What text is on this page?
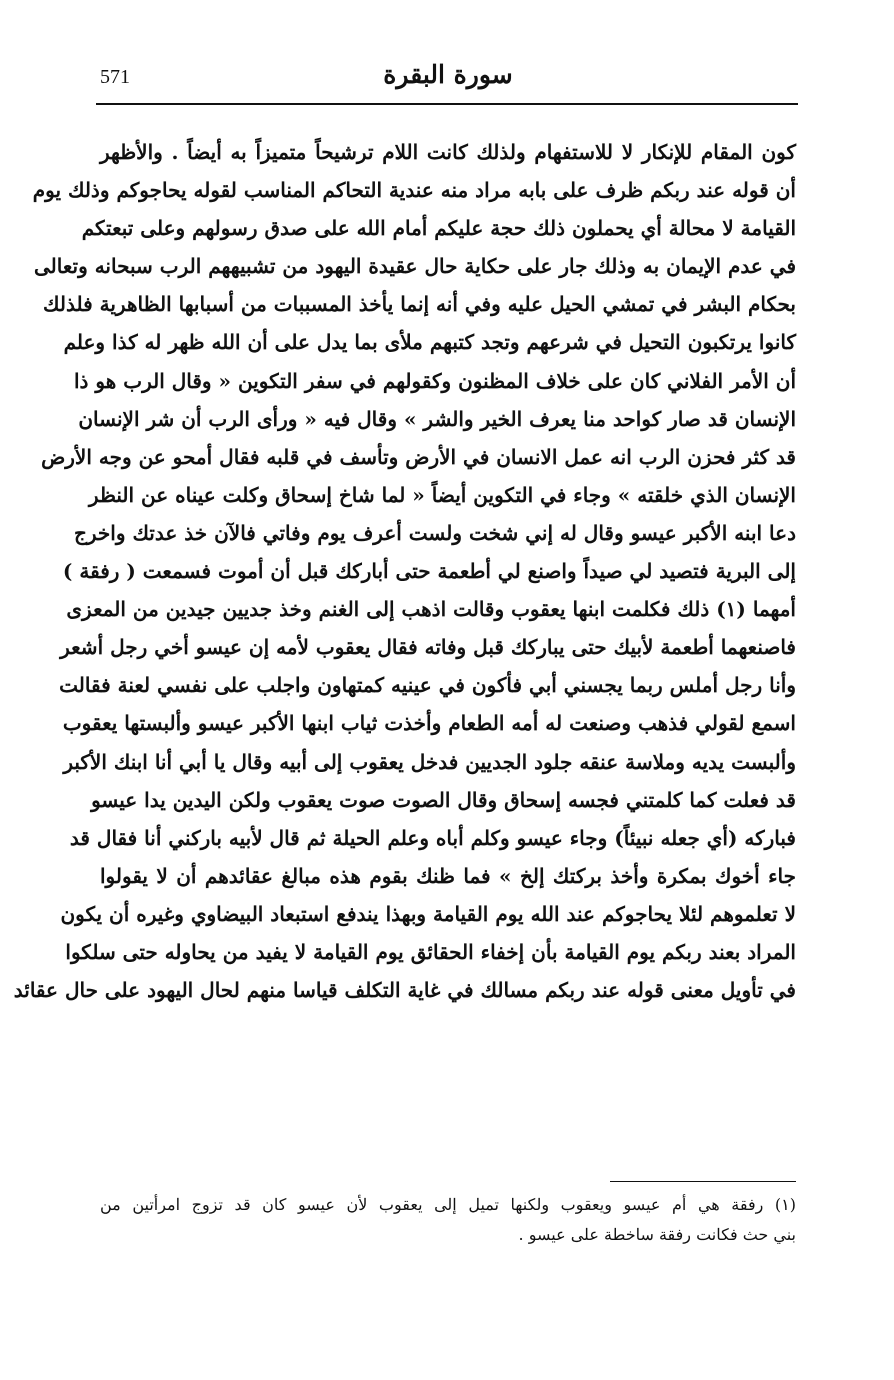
571	سورة البقرة
كون المقام للإنكار لا للاستفهام ولذلك كانت اللام ترشيحاً متميزاً به أيضاً . والأظهر
أن قوله عند ربكم ظرف على بابه مراد منه عندية التحاكم المناسب لقوله يحاجوكم وذلك يوم
القيامة لا محالة أي يحملون ذلك حجة عليكم أمام الله على صدق رسولهم وعلى تبعتكم
في عدم الإيمان به وذلك جار على حكاية حال عقيدة اليهود من تشبيههم الرب سبحانه وتعالى
بحكام البشر في تمشي الحيل عليه وفي أنه إنما يأخذ المسببات من أسبابها الظاهرية فلذلك
كانوا يرتكبون التحيل في شرعهم وتجد كتبهم ملأى بما يدل على أن الله ظهر له كذا وعلم
أن الأمر الفلاني كان على خلاف المظنون وكقولهم في سفر التكوين « وقال الرب هو ذا
الإنسان قد صار كواحد منا يعرف الخير والشر » وقال فيه « ورأى الرب أن شر الإنسان
قد كثر فحزن الرب انه عمل الانسان في الأرض وتأسف في قلبه فقال أمحو عن وجه الأرض
الإنسان الذي خلقته » وجاء في التكوين أيضاً « لما شاخ إسحاق وكلت عيناه عن النظر
دعا ابنه الأكبر عيسو وقال له إني شخت ولست أعرف يوم وفاتي فالآن خذ عدتك واخرج
إلى البرية فتصيد لي صيداً واصنع لي أطعمة حتى أباركك قبل أن أموت فسمعت ( رفقة )
أمهما (١) ذلك فكلمت ابنها يعقوب وقالت اذهب إلى الغنم وخذ جديين جيدين من المعزى
فاصنعهما أطعمة لأبيك حتى يباركك قبل وفاته فقال يعقوب لأمه إن عيسو أخي رجل أشعر
وأنا رجل أملس ربما يجسني أبي فأكون في عينيه كمتهاون واجلب على نفسي لعنة فقالت
اسمع لقولي فذهب وصنعت له أمه الطعام وأخذت ثياب ابنها الأكبر عيسو وألبستها يعقوب
وألبست يديه وملاسة عنقه جلود الجديين فدخل يعقوب إلى أبيه وقال يا أبي أنا ابنك الأكبر
قد فعلت كما كلمتني فجسه إسحاق وقال الصوت صوت يعقوب ولكن اليدين يدا عيسو
فباركه (أي جعله نبيئاً) وجاء عيسو وكلم أباه وعلم الحيلة ثم قال لأبيه باركني أنا فقال قد
جاء أخوك بمكرة وأخذ بركتك إلخ » فما ظنك بقوم هذه مبالغ عقائدهم أن لا يقولوا
لا تعلموهم لئلا يحاجوكم عند الله يوم القيامة وبهذا يندفع استبعاد البيضاوي وغيره أن يكون
المراد بعند ربكم يوم القيامة بأن إخفاء الحقائق يوم القيامة لا يفيد من يحاوله حتى سلكوا
في تأويل معنى قوله عند ربكم مسالك في غاية التكلف قياسا منهم لحال اليهود على حال عقائد
(١) رفقة هي أم عيسو ويعقوب ولكنها تميل إلى يعقوب لأن عيسو كان قد تزوج امرأتين من
بني حث فكانت رفقة ساخطة على عيسو .
